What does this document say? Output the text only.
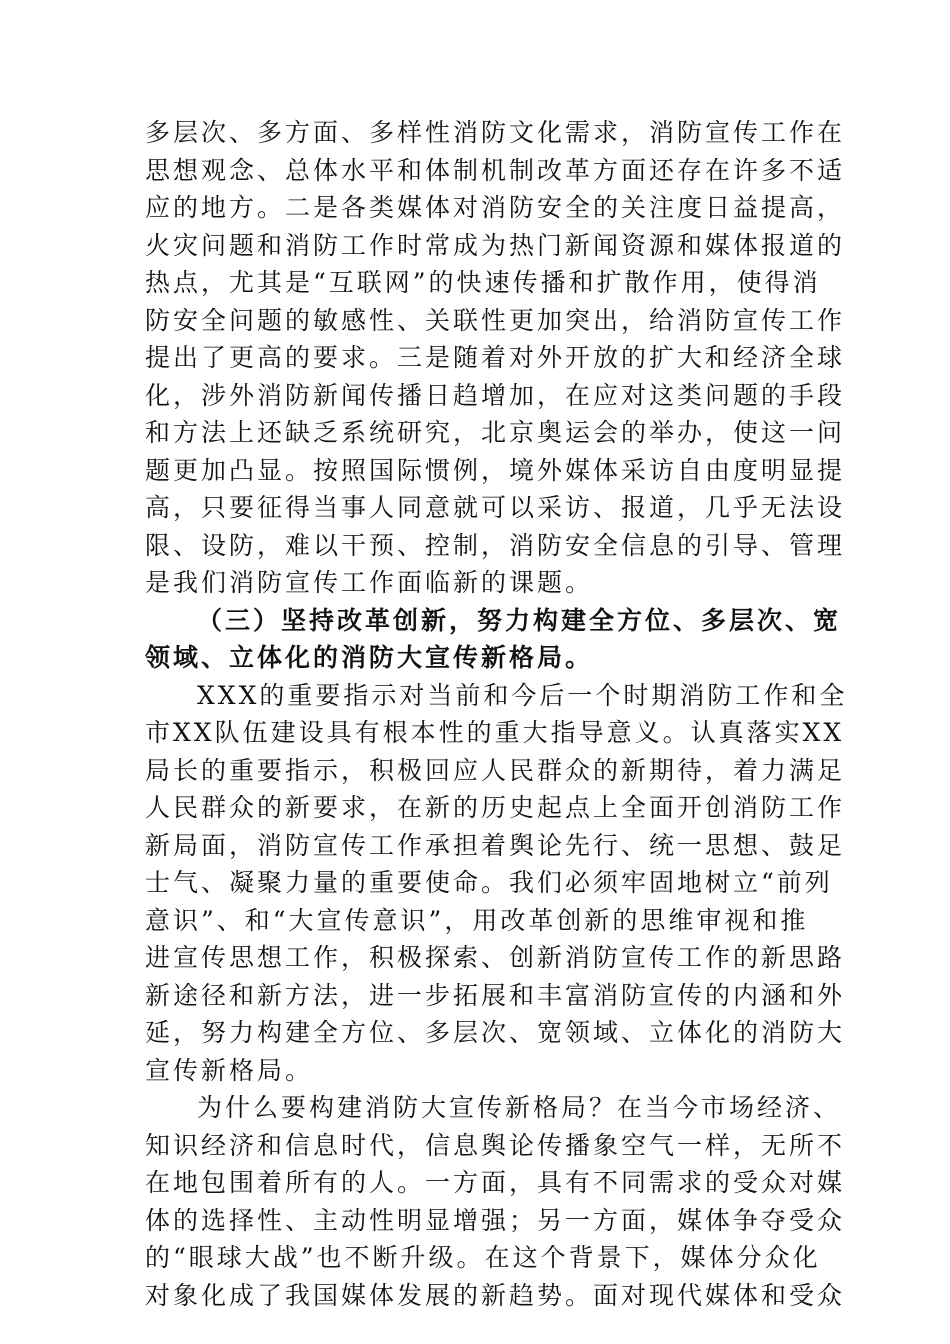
多层次、多方面、多样性消防文化需求，消防宣传工作在
思想观念、总体水平和体制机制改革方面还存在许多不适
应的地方。二是各类媒体对消防安全的关注度日益提高，
火灾问题和消防工作时常成为热门新闻资源和媒体报道的
热点，尤其是“互联网”的快速传播和扩散作用，使得消
防安全问题的敏感性、关联性更加突出，给消防宣传工作
提出了更高的要求。三是随着对外开放的扩大和经济全球
化，涉外消防新闻传播日趋增加，在应对这类问题的手段
和方法上还缺乏系统研究，北京奥运会的举办，使这一问
题更加凸显。按照国际惯例，境外媒体采访自由度明显提
高，只要征得当事人同意就可以采访、报道，几乎无法设
限、设防，难以干预、控制，消防安全信息的引导、管理
是我们消防宣传工作面临新的课题。
（三）坚持改革创新，努力构建全方位、多层次、宽
领域、立体化的消防大宣传新格局。
XXX的重要指示对当前和今后一个时期消防工作和全
市XX队伍建设具有根本性的重大指导意义。认真落实XX
局长的重要指示，积极回应人民群众的新期待，着力满足
人民群众的新要求，在新的历史起点上全面开创消防工作
新局面，消防宣传工作承担着舆论先行、统一思想、鼓足
士气、凝聚力量的重要使命。我们必须牢固地树立“前列
意识”、和“大宣传意识”，用改革创新的思维审视和推
进宣传思想工作，积极探索、创新消防宣传工作的新思路
新途径和新方法，进一步拓展和丰富消防宣传的内涵和外
延，努力构建全方位、多层次、宽领域、立体化的消防大
宣传新格局。
为什么要构建消防大宣传新格局？在当今市场经济、
知识经济和信息时代，信息舆论传播象空气一样，无所不
在地包围着所有的人。一方面，具有不同需求的受众对媒
体的选择性、主动性明显增强；另一方面，媒体争夺受众
的“眼球大战”也不断升级。在这个背景下，媒体分众化
对象化成了我国媒体发展的新趋势。面对现代媒体和受众
